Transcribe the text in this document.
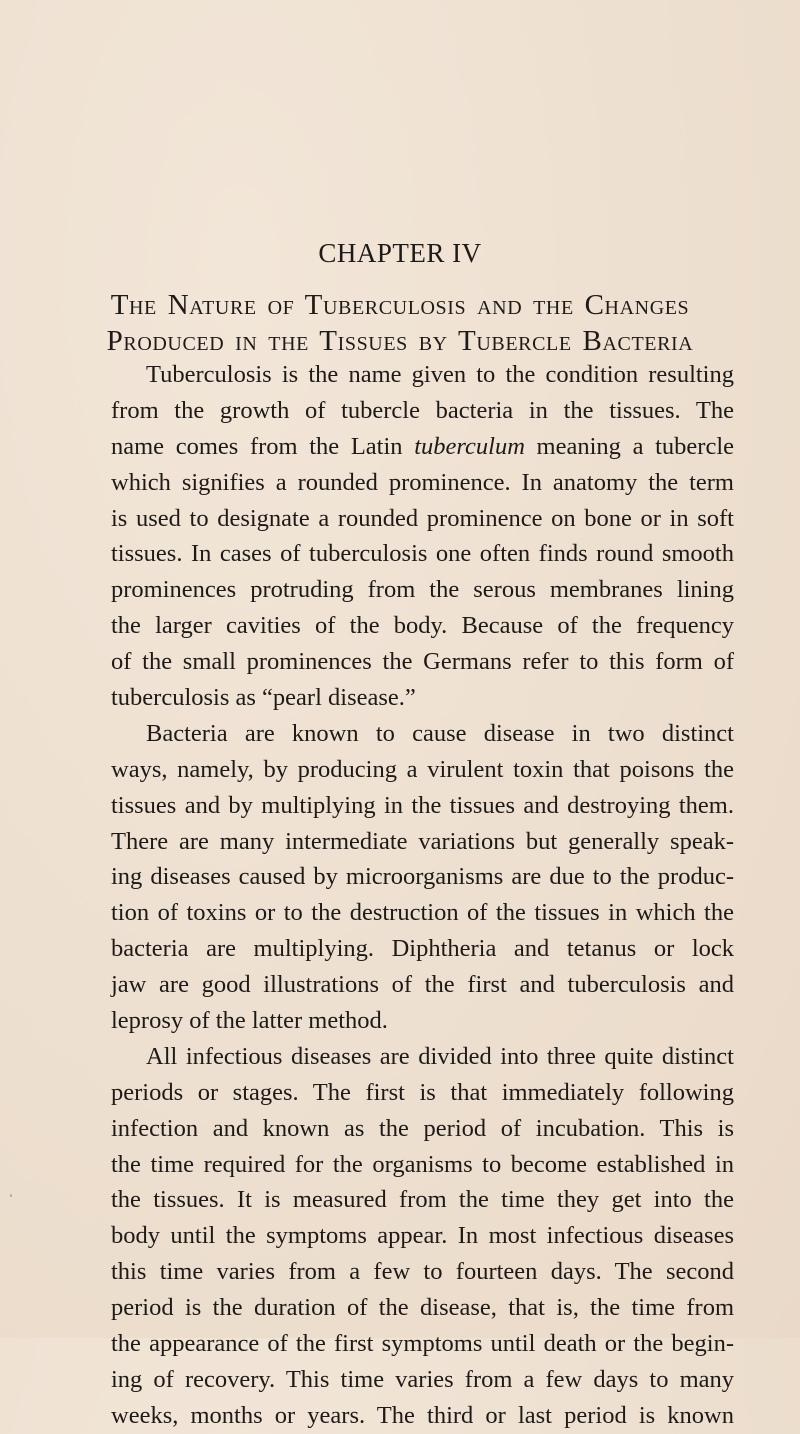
CHAPTER IV
The Nature of Tuberculosis and the Changes
Produced in the Tissues by Tubercle Bacteria
Tuberculosis is the name given to the condition resulting
from the growth of tubercle bacteria in the tissues. The
name comes from the Latin tuberculum meaning a tubercle
which signifies a rounded prominence. In anatomy the term
is used to designate a rounded prominence on bone or in soft
tissues. In cases of tuberculosis one often finds round smooth
prominences protruding from the serous membranes lining
the larger cavities of the body. Because of the frequency
of the small prominences the Germans refer to this form of
tuberculosis as “pearl disease.”
Bacteria are known to cause disease in two distinct
ways, namely, by producing a virulent toxin that poisons the
tissues and by multiplying in the tissues and destroying them.
There are many intermediate variations but generally speak-
ing diseases caused by microorganisms are due to the produc-
tion of toxins or to the destruction of the tissues in which the
bacteria are multiplying. Diphtheria and tetanus or lock
jaw are good illustrations of the first and tuberculosis and
leprosy of the latter method.
All infectious diseases are divided into three quite distinct
periods or stages. The first is that immediately following
infection and known as the period of incubation. This is
the time required for the organisms to become established in
the tissues. It is measured from the time they get into the
body until the symptoms appear. In most infectious diseases
this time varies from a few to fourteen days. The second
period is the duration of the disease, that is, the time from
the appearance of the first symptoms until death or the begin-
ing of recovery. This time varies from a few days to many
weeks, months or years. The third or last period is known
